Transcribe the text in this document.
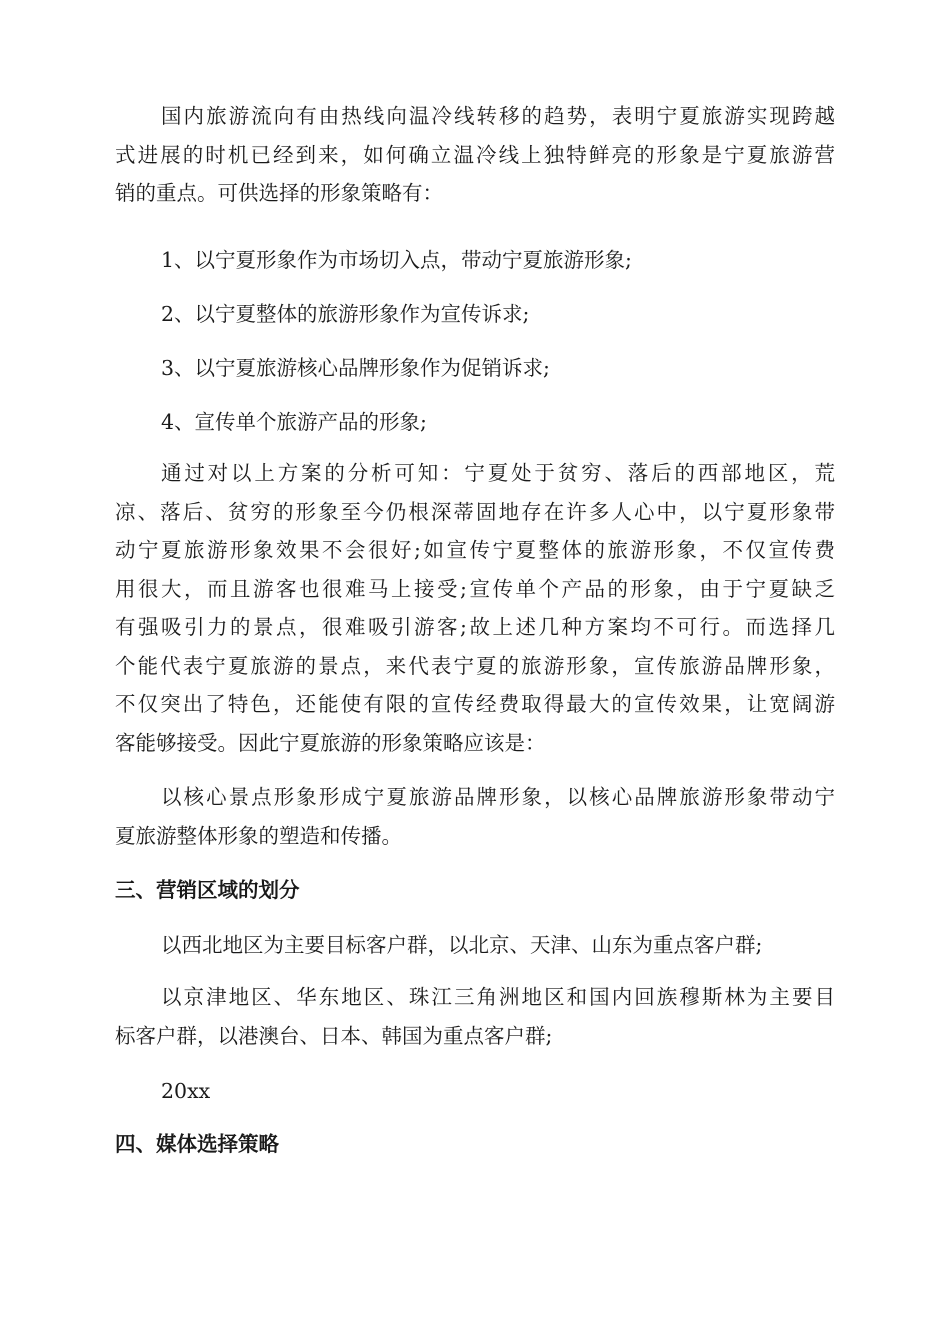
国内旅游流向有由热线向温冷线转移的趋势，表明宁夏旅游实现跨越
式进展的时机已经到来，如何确立温冷线上独特鲜亮的形象是宁夏旅游营
销的重点。可供选择的形象策略有：

1、以宁夏形象作为市场切入点，带动宁夏旅游形象;

2、以宁夏整体的旅游形象作为宣传诉求;

3、以宁夏旅游核心品牌形象作为促销诉求;

4、宣传单个旅游产品的形象;

通过对以上方案的分析可知：宁夏处于贫穷、落后的西部地区，荒
凉、落后、贫穷的形象至今仍根深蒂固地存在许多人心中，以宁夏形象带
动宁夏旅游形象效果不会很好;如宣传宁夏整体的旅游形象，不仅宣传费
用很大，而且游客也很难马上接受;宣传单个产品的形象，由于宁夏缺乏
有强吸引力的景点，很难吸引游客;故上述几种方案均不可行。而选择几
个能代表宁夏旅游的景点，来代表宁夏的旅游形象，宣传旅游品牌形象，
不仅突出了特色，还能使有限的宣传经费取得最大的宣传效果，让宽阔游
客能够接受。因此宁夏旅游的形象策略应该是：
以核心景点形象形成宁夏旅游品牌形象，以核心品牌旅游形象带动宁
夏旅游整体形象的塑造和传播。

三、营销区域的划分

以西北地区为主要目标客户群，以北京、天津、山东为重点客户群;

以京津地区、华东地区、珠江三角洲地区和国内回族穆斯林为主要目
标客户群，以港澳台、日本、韩国为重点客户群;

20xx

四、媒体选择策略
